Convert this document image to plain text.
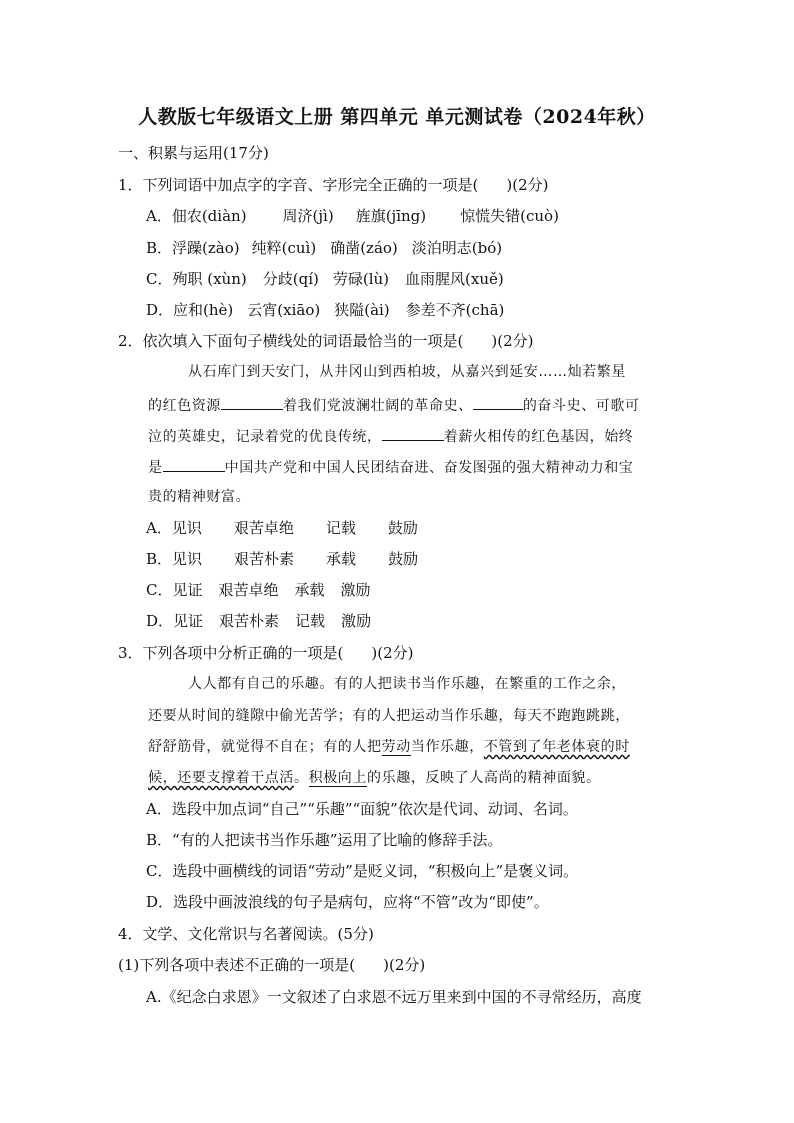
人教版七年级语文上册 第四单元 单元测试卷（2024年秋）
一、积累与运用(17分)
1．下列词语中加点字的字音、字形完全正确的一项是( )(2分)
A．佃农(diàn) 周济(jì) 旌旗(jīng) 惊慌失错(cuò)
B．浮躁(zào) 纯粹(cuì) 确凿(záo) 淡泊明志(bó)
C．殉职 (xùn) 分歧(qí) 劳碌(lù) 血雨腥风(xuě)
D．应和(hè) 云宵(xiāo) 狭隘(ài) 参差不齐(chā)
2．依次填入下面句子横线处的词语最恰当的一项是( )(2分)
从石库门到天安门，从井冈山到西柏坡，从嘉兴到延安……灿若繁星
的红色资源	着我们党波澜壮阔的革命史、	的奋斗史、可歌可
泣的英雄史，记录着党的优良传统，	着薪火相传的红色基因，始终
是	中国共产党和中国人民团结奋进、奋发图强的强大精神动力和宝
贵的精神财富。
A．见识 艰苦卓绝 记载 鼓励
B．见识 艰苦朴素 承载 鼓励
C．见证 艰苦卓绝 承载 激励
D．见证 艰苦朴素 记载 激励
3．下列各项中分析正确的一项是( )(2分)
人人都有自己的乐趣。有的人把读书当作乐趣，在繁重的工作之余，
还要从时间的缝隙中偷光苦学；有的人把运动当作乐趣，每天不跑跑跳跳，
舒舒筋骨，就觉得不自在；有的人把劳动当作乐趣，不管到了年老体衰的时
候，还要支撑着干点活。积极向上的乐趣，反映了人高尚的精神面貌。
A．选段中加点词“自己”“乐趣”“面貌”依次是代词、动词、名词。
B．“有的人把读书当作乐趣”运用了比喻的修辞手法。
C．选段中画横线的词语“劳动”是贬义词，“积极向上”是褒义词。
D．选段中画波浪线的句子是病句，应将“不管”改为“即使”。
4．文学、文化常识与名著阅读。(5分)
(1)下列各项中表述不正确的一项是( )(2分)
A.《纪念白求恩》一文叙述了白求恩不远万里来到中国的不寻常经历，高度
